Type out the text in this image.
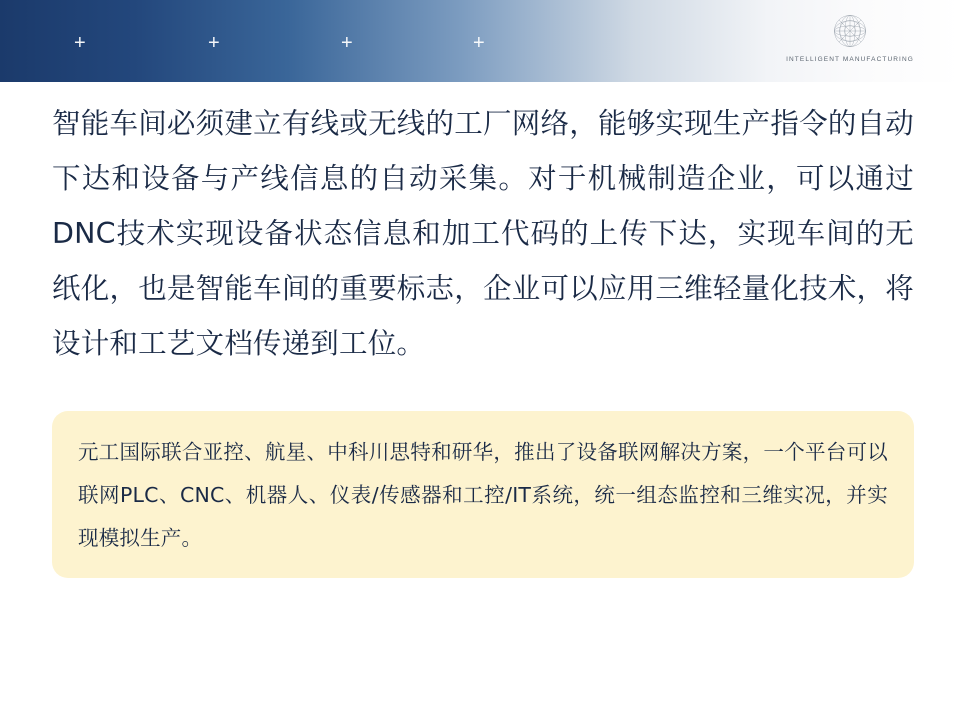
+	+	+	+
INTELLIGENT MANUFACTURING
智能车间必须建立有线或无线的工厂网络，能够实现生产指令的自动下达和设备与产线信息的自动采集。对于机械制造企业，可以通过DNC技术实现设备状态信息和加工代码的上传下达，实现车间的无纸化，也是智能车间的重要标志，企业可以应用三维轻量化技术，将设计和工艺文档传递到工位。
元工国际联合亚控、航星、中科川思特和研华，推出了设备联网解决方案，一个平台可以联网PLC、CNC、机器人、仪表/传感器和工控/IT系统，统一组态监控和三维实况，并实现模拟生产。
